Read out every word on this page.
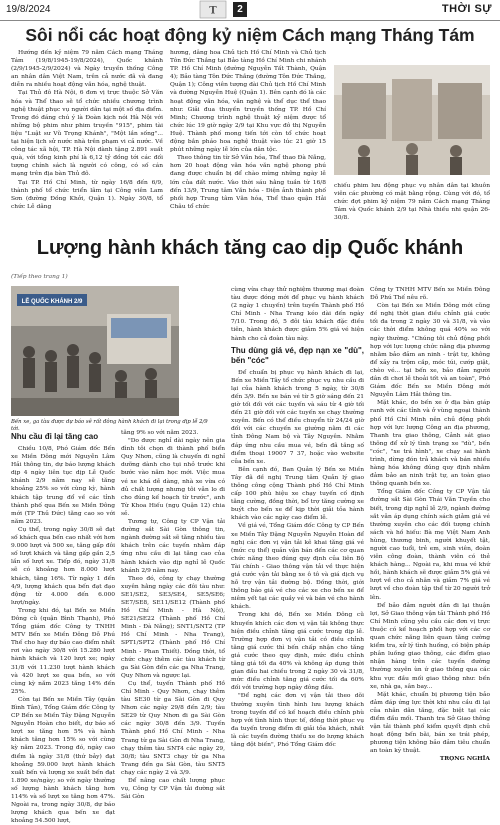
19/8/2024	T	2	THỜI SỰ
Sôi nổi các hoạt động kỷ niệm Cách mạng Tháng Tám

Hướng đến kỷ niệm 79 năm Cách mạng Tháng Tám (19/8/1945-19/8/2024), Quốc khánh (2/9/1945-2/9/2024) và Ngày truyền thống Công an nhân dân Việt Nam, trên cả nước đã và đang diễn ra nhiều hoạt động văn hóa, nghệ thuật.

Tại Thủ đô Hà Nội, 6 đơn vị trực thuộc Sở Văn hóa và Thể thao sẽ tổ chức nhiều chương trình nghệ thuật phục vụ người dân tại một số địa điểm. Trong đó đáng chú ý là Đoàn kịch nói Hà Nội với những bộ phim như phim truyền "915", phim tài liệu "Luật sư Vũ Trọng Khánh", "Một lần sống"... tại hiện lịch sử nước nhà trên phạm vi cả nước. Về công tác xã hội, TP. Hà Nội dành tặng 2.891 suất quà, với tổng kinh phí là 6,12 tỷ đồng tới các đối tượng chính sách là người có công, có số cán mạng trên địa bàn Thủ đô.

Tại TP. Hồ Chí Minh, từ ngày 16/8 đến 6/9, thành phố tổ chức triển lãm tại Công viên Lam Sơn (đường Đồng Khởi, Quận 1). Ngày 30/8, tổ chức Lễ dâng

hương, dâng hoa Chủ tịch Hồ Chí Minh và Chủ tịch Tôn Đức Thắng tại Bảo tàng Hồ Chí Minh chi nhánh TP. Hồ Chí Minh (đường Nguyễn Tất Thành, Quận 4); Bảo tàng Tôn Đức Thắng (đường Tôn Đức Thắng, Quận 1); Công viên tượng đài Chủ tịch Hồ Chí Minh và đường Nguyễn Huệ (Quận 1). Bên cạnh đó là các hoạt động văn hóa, văn nghệ và thể dục thể thao như: Giải đua thuyền truyền thống TP. Hồ Chí Minh; Chương trình nghệ thuật kỷ niệm được tổ chức lúc 19 giờ ngày 2/9 tại Khu vực đô thị Nguyễn Huệ. Thành phố mong tiến tới còn tổ chức hoạt động bắn pháo hoa nghệ thuật vào lúc 21 giờ 15 phút những ngày lễ lớn của dân tộc.

Theo thông tin từ Sở Văn hóa, Thể thao Đà Nẵng, hơn 20 hoạt động văn hóa văn nghệ phong phú đang được chuẩn bị để chào mừng những ngày lễ lớn của đất nước. Vào thời sáu hằng tuần từ 16/8 đến 13/9, Trung tâm Văn hóa - Điện ảnh thành phố phối hợp Trung tâm Văn hóa, Thể thao quận Hải Châu tổ chức

chiếu phim lưu động phục vụ nhân dân tại khuôn viên các phường có mặt bằng rộng. Cùng với đó, tổ chức đợt phim kỷ niệm 79 năm Cách mạng Tháng Tám và Quốc khánh 2/9 tại Nhà thiếu nhi quận 26-30/8.

Lượng hành khách tăng cao dịp Quốc khánh
(Tiếp theo trang 1)
LỄ QUỐC KHÁNH 2/9
Bến xe, ga tàu được dự báo sẽ rất đông hành khách đi lại trong dịp lễ 2/9 tới.
Nhu cầu đi lại tăng cao

Chiều 10/8, Phó Giám đốc Bến xe Miền Đông mới Nguyễn Lâm Hải thông tin, dự báo lượng khách dịp 4 ngày liên tục dịp Lễ Quốc khánh 2/9 năm nay sẽ tăng khoảng 25% so với cùng kỳ, hành khách tập trung đổ về các tỉnh thành phố qua Bến xe Miền Đông mới (TP Thủ Đức) tăng cao so với năm 2023.

Cụ thể, trong ngày 30/8 sẽ đạt số khách qua bến cao nhất với hơn 9.000 lượt và 500 xe, tăng gấp đôi số lượt khách và tăng gấp gần 2,5 lần số lượt xe. Tiếp đó, ngày 31/8 sẽ có khoảng hơn 8.000 lượt khách, tăng 16%. Từ ngày 1 đến 4/9, lượng khách qua bến đạt đạo động từ 4.000 đến 6.000 lượt/ngày.

Trong khi đó, tại Bến xe Miền Đông cũ (quận Bình Thạnh), Phó Tổng giám đốc Công ty TNHH MTV Bến xe Miền Đông Đỗ Phú Thế cho hay dự báo cao điểm nhất rơi vào ngày 30/8 với 15.280 lượt hành khách và 120 lượt xe; ngày 31/8 với 11.230 lượt hành khách và 420 lượt xe qua bến, so với cùng kỳ năm 2023 tăng 14% đến 25%.

Còn tại Bến xe Miền Tây (quận Bình Tân), Tổng Giám đốc Công ty CP Bến xe Miền Tây Đặng Nguyễn Nguyễn Hoàn cho biết, dự báo số lượt xe tăng hơn 5% và hành khách tăng hơn 15% so với cùng kỳ năm 2023. Trong đó, ngày cao điểm là ngày 31/8 (thứ bảy) đạt khoảng 59.000 lượt hành khách xuất bến và lượng xe xuất bến đạt 1.890 xe/ngày; so với ngày thường số lượng hành khách tăng hơn 114% và số lượt xe tăng hơn 47%. Ngoài ra, trong ngày 30/8, dự báo lượng khách qua bến xe đạt khoảng 54.500 lượt,

tăng 9% so với năm 2023.

"Do được nghỉ dài ngày nên gia đình tôi chọn đi thành phố biển Quy Nhơn, cũng là chuyến đi nghỉ dưỡng dành cho tụi nhỏ trước khi bước vào năm học mới. Việc mua vé xe khá dễ dàng, nhà xe vừa có đủ chất lượng nhưng tôi vẫn lo đi cho đúng kế hoạch từ trước", anh Từ Khoa Hiếu (ngụ Quận 12) chia sẻ.

Tương tự, Công ty CP Vận tải đường sắt Sài Gòn thông tin, ngành đường sắt sẽ tăng nhiều tàu khách trên các tuyến nhằm đáp ứng nhu cầu đi lại tăng cao của hành khách vào dịp nghỉ lễ Quốc khánh 2/9 năm nay.

Theo đó, công ty chạy thường xuyên hằng ngày các đôi tàu như: SE1/SE2, SE3/SE4, SE5/SE6; SE7/SE8, SE11/SE12 (Thành phố Hồ Chí Minh - Hà Nội), SE21/SE22 (Thành phố Hồ Chí Minh - Đà Nẵng); SNT1/SNT2 (TP Hồ Chí Minh - Nha Trang), SPT1/SPT2 (Thành phố Hồ Chí Minh - Phan Thiết). Đồng thời, tổ chức chạy thêm các tàu khách từ ga Sài Gòn đến các ga Nha Trang, Quy Nhơn và ngược lại.

Cụ thể, tuyến Thành phố Hồ Chí Minh - Quy Nhơn, chạy thêm tàu SE30 từ ga Sài Gòn đi Quy Nhơn các ngày 29/8 đến 2/9; tàu SE29 từ Quy Nhơn đi ga Sài Gòn các ngày 30/8 đến 3/9. Tuyến Thành phố Hồ Chí Minh - Nha Trang từ ga Sài Gòn đi Nha Trang, chạy thêm tàu SNT4 các ngày 29, 30/8; tàu SNT3 chạy từ ga Nha Trang đến ga Sài Gòn, tàu SNT5 chạy các ngày 2 và 3/9.

Để nâng cao chất lượng phục vụ, Công ty CP Vận tải đường sắt Sài Gòn

cùng vừa chạy thử nghiệm thương mại đoàn tàu được đóng mới để phục vụ hành khách (2 ngày 1 chuyến) trên tuyến Thành phố Hồ Chí Minh - Nha Trang kéo dài đến ngày 7/10. Trong đó, 5 đôi tàu khách đặc điều tiên, hành khách được giảm 5% giá vé hiện hành cho cả đoàn tàu này.

Thu dùng giá vé, đẹp nạn xe "dù", bến "cóc"

Để chuẩn bị phục vụ hành khách đi lại, Bến xe Miền Tây tổ chức phục vụ nhu cầu đi lại của hành khách trong 5 ngày, từ 30/8 đến 3/9. Bến xe bán vé từ 5 giờ sáng đến 21 giờ tối đối với các tuyến và sáu từ 4 giờ tối đến 21 giờ đối với các tuyến xe chạy thường xuyên. Bến có thể điều chuyển từ 24/24 giờ đối với các chuyến xe giường nằm đi các tỉnh Đông Nam bộ và Tây Nguyên. Nhằm đáp ứng nhu cầu mua vé, bến đã tăng số điểm thoại 19007 7 37, hoặc vào website của bến xe.

Bên cạnh đó, Ban Quản lý Bến xe Miền Tây đã đề nghị Trung tâm Quản lý giao thông công cộng Thành phố Hồ Chí Minh cấp 100 phù hiệu xe chạy tuyến cố định tăng cường, đồng thời, bổ trợ tăng cường xe buýt cho bến xe để kịp thời giải tỏa hành khách vào các ngày cao điểm lễ.

Về giá vé, Tổng Giám đốc Công ty CP Bến xe Miền Tây Đặng Nguyễn Nguyễn Hoàn để nghị các đơn vị vận tải kê khai tăng giá vé (mức cụ thể) quản vận bán đến các cơ quan chức năng theo đúng quy định của liên Bộ Tài chính - Giao thông vận tải về thực hiện giá cước vận tải bằng xe ô tô và giá dịch vụ hỗ trợ vận tải đường bộ. Đồng thời, giới thông báo giá vé cho các xe cho bến xe để niêm yết tại các quầy vé và bán vé cho hành khách.

Trong khi đó, Bến xe Miền Đông cũ khuyến khích các đơn vị vận tải không thực hiện điều chỉnh tăng giá cước trong dịp lễ. Trường hợp đơn vị vận tải có điều chỉnh tăng giá cước thì bến chấp nhận cho tăng giá cước theo quy định, mức điều chỉnh tăng giá tối đa 40% và không áp dụng thời gian đầu hai chiều trong 2 ngày 30 và 31/8, mức điều chỉnh tăng giá cước tối đa 60% đối với trường hợp ngày đông đầu.

"Để nghị các đơn vị vận tải theo dõi thường xuyên tình hình lưu lượng khách trong tuyến để có kế hoạch điều chỉnh phù hợp với tình hình thực tế, đồng thời phục vụ đa tuyến trong điểm đi giải tỏa khách, nhất là các tuyến đường thiếu xe do lượng khách tăng đột biến", Phó Tổng Giám đốc

Công ty TNHH MTV Bến xe Miền Đông Đỗ Phú Thế nêu rõ.

Còn tại Bến xe Miền Đông mới cũng đề nghị thời gian điều chỉnh giá cước tối đa trong 2 ngày 30 và 31/8, và vào các thời điểm không quá 40% so với ngày thường. "Chúng tôi chủ động phối hợp với lực lượng chức năng địa phương nhằm bảo đảm an ninh - trật tự, không để xảy ra trộm cắp, móc túi, cướp giật, chèo vé... tại bến xe, bảo đảm người dân đi chơi lễ thoải tốt và an toàn", Phó Giám đốc Bến xe Miền Đông mới Nguyễn Lâm Hải thông tin.

Mặt khác, do bến xe ở địa bàn giáp ranh với các tỉnh và ở vùng ngoại thành phố Hồ Chí Minh nên chủ động phối hợp với lực lượng Công an địa phương, Thanh tra giao thông, Cảnh sát giao thông để xử lý tình trạng xe "dù", bến "cóc", "xe trá hình", xe chạy sai hành trình, dừng đón trả khách và bán nhiều hàng hóa không đúng quy định nhằm đảm bảo an ninh trật tự, an toàn giao thông quanh bến xe.

Tổng Giám đốc Công ty CP Vận tải đường sắt Sài Gòn Thái Văn Tuyền cho biết, trong dịp nghỉ lễ 2/9, ngành đường sắt vẫn áp dụng chính sách giảm giá vé thường xuyên cho các đối tượng chính sách và hồ hiếu: Bà mẹ Việt Nam Anh hùng, thương binh, người khuyết tật, người cao tuổi, trẻ em, sinh viên, đoàn viên công đoàn, thành viên có thẻ khách hàng... Ngoài ra, khi mua vé khứ hồi, hành khách sẽ được giảm 5% giá vé lượt về cho cả nhân và giảm 7% giá vé lượt về cho đoàn tập thể từ 20 người trở lên.

Để bảo đảm người dân đi lại thuận lợi, Sở Giao thông vận tải Thành phố Hồ Chí Minh cũng yêu cầu các đơn vị trực thuộc có kế hoạch phối hợp với các cơ quan chức năng liên quan tăng cường kiểm tra, xử lý tình huống, có biện pháp phân luồng giao thông, các điểm giao nhận hàng trên các tuyến đường thường xuyên ùn ứ giao thông qua các khu vực đầu mối giao thông như: bến xe, nhà ga, sân bay...

Mặt khác, chuẩn bị phương tiện bảo đảm đáp ứng lực thời khi nhu cầu đi lại của nhân dân tăng, đặc biệt tại các điểm đầu mối. Thanh tra Sở Giao thông vận tải thành phố kiểm quyết định chủ hoạt động bến bãi, bán xe trái phép, phương tiện không bảo đảm tiêu chuẩn an toàn kỹ thuật.

TRỌNG NGHĨA
